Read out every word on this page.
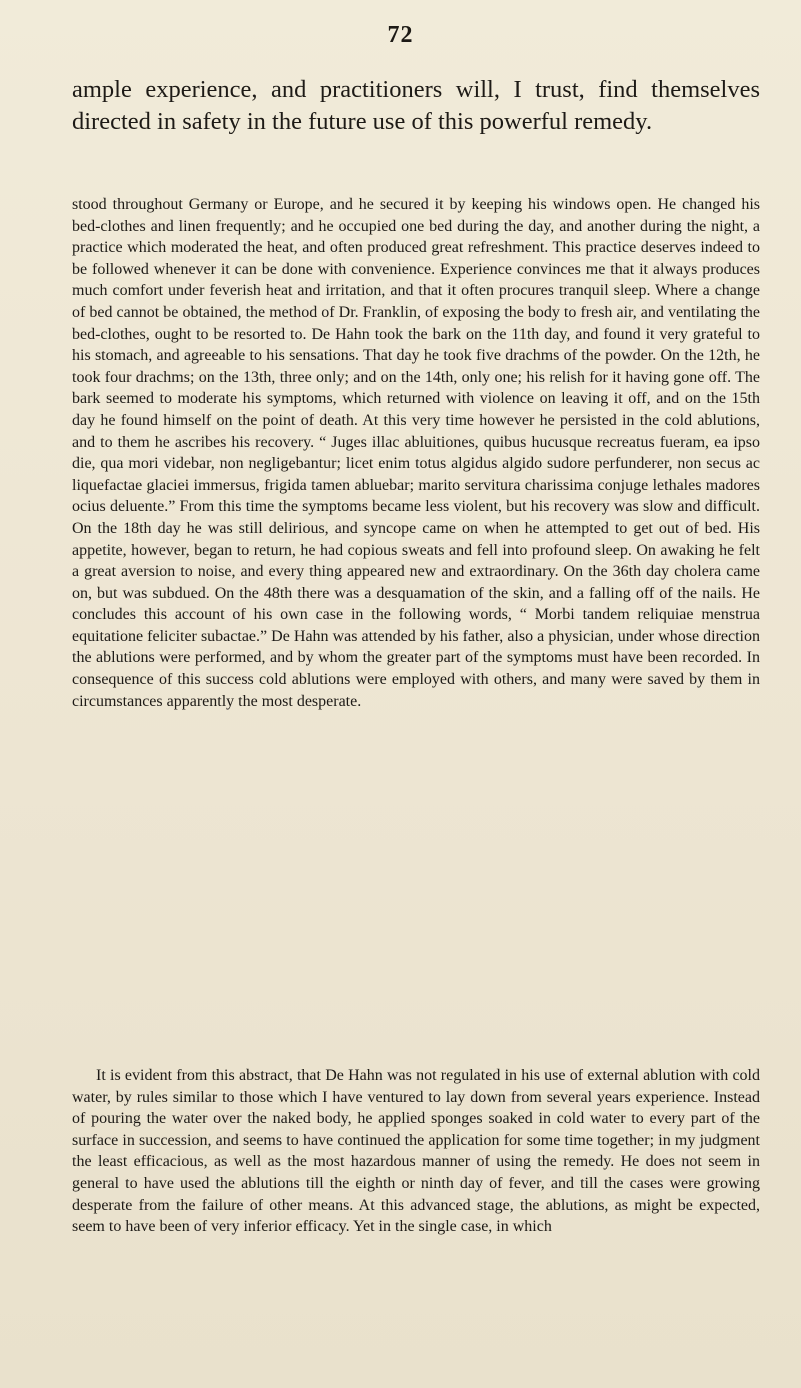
72

ample experience, and practitioners will, I trust, find themselves directed in safety in the future use of this powerful remedy.

stood throughout Germany or Europe, and he secured it by keeping his windows open. He changed his bed-clothes and linen frequently; and he occupied one bed during the day, and another during the night, a practice which moderated the heat, and often produced great refreshment. This practice deserves indeed to be followed whenever it can be done with convenience. Experience convinces me that it always produces much comfort under feverish heat and irritation, and that it often procures tranquil sleep. Where a change of bed cannot be obtained, the method of Dr. Franklin, of exposing the body to fresh air, and ventilating the bed-clothes, ought to be resorted to. De Hahn took the bark on the 11th day, and found it very grateful to his stomach, and agreeable to his sensations. That day he took five drachms of the powder. On the 12th, he took four drachms; on the 13th, three only; and on the 14th, only one; his relish for it having gone off. The bark seemed to moderate his symptoms, which returned with violence on leaving it off, and on the 15th day he found himself on the point of death. At this very time however he persisted in the cold ablutions, and to them he ascribes his recovery. “ Juges illac abluitiones, quibus hucusque recreatus fueram, ea ipso die, qua mori videbar, non negligebantur; licet enim totus algidus algido sudore perfunderer, non secus ac liquefactae glaciei immersus, frigida tamen abluebar; marito servitura charissima conjuge lethales madores ocius deluente.” From this time the symptoms became less violent, but his recovery was slow and difficult. On the 18th day he was still delirious, and syncope came on when he attempted to get out of bed. His appetite, however, began to return, he had copious sweats and fell into profound sleep. On awaking he felt a great aversion to noise, and every thing appeared new and extraordinary. On the 36th day cholera came on, but was subdued. On the 48th there was a desquamation of the skin, and a falling off of the nails. He concludes this account of his own case in the following words, “ Morbi tandem reliquiae menstrua equitatione feliciter subactae.” De Hahn was attended by his father, also a physician, under whose direction the ablutions were performed, and by whom the greater part of the symptoms must have been recorded. In consequence of this success cold ablutions were employed with others, and many were saved by them in circumstances apparently the most desperate.

It is evident from this abstract, that De Hahn was not regulated in his use of external ablution with cold water, by rules similar to those which I have ventured to lay down from several years experience. Instead of pouring the water over the naked body, he applied sponges soaked in cold water to every part of the surface in succession, and seems to have continued the application for some time together; in my judgment the least efficacious, as well as the most hazardous manner of using the remedy. He does not seem in general to have used the ablutions till the eighth or ninth day of fever, and till the cases were growing desperate from the failure of other means. At this advanced stage, the ablutions, as might be expected, seem to have been of very inferior efficacy. Yet in the single case, in which
